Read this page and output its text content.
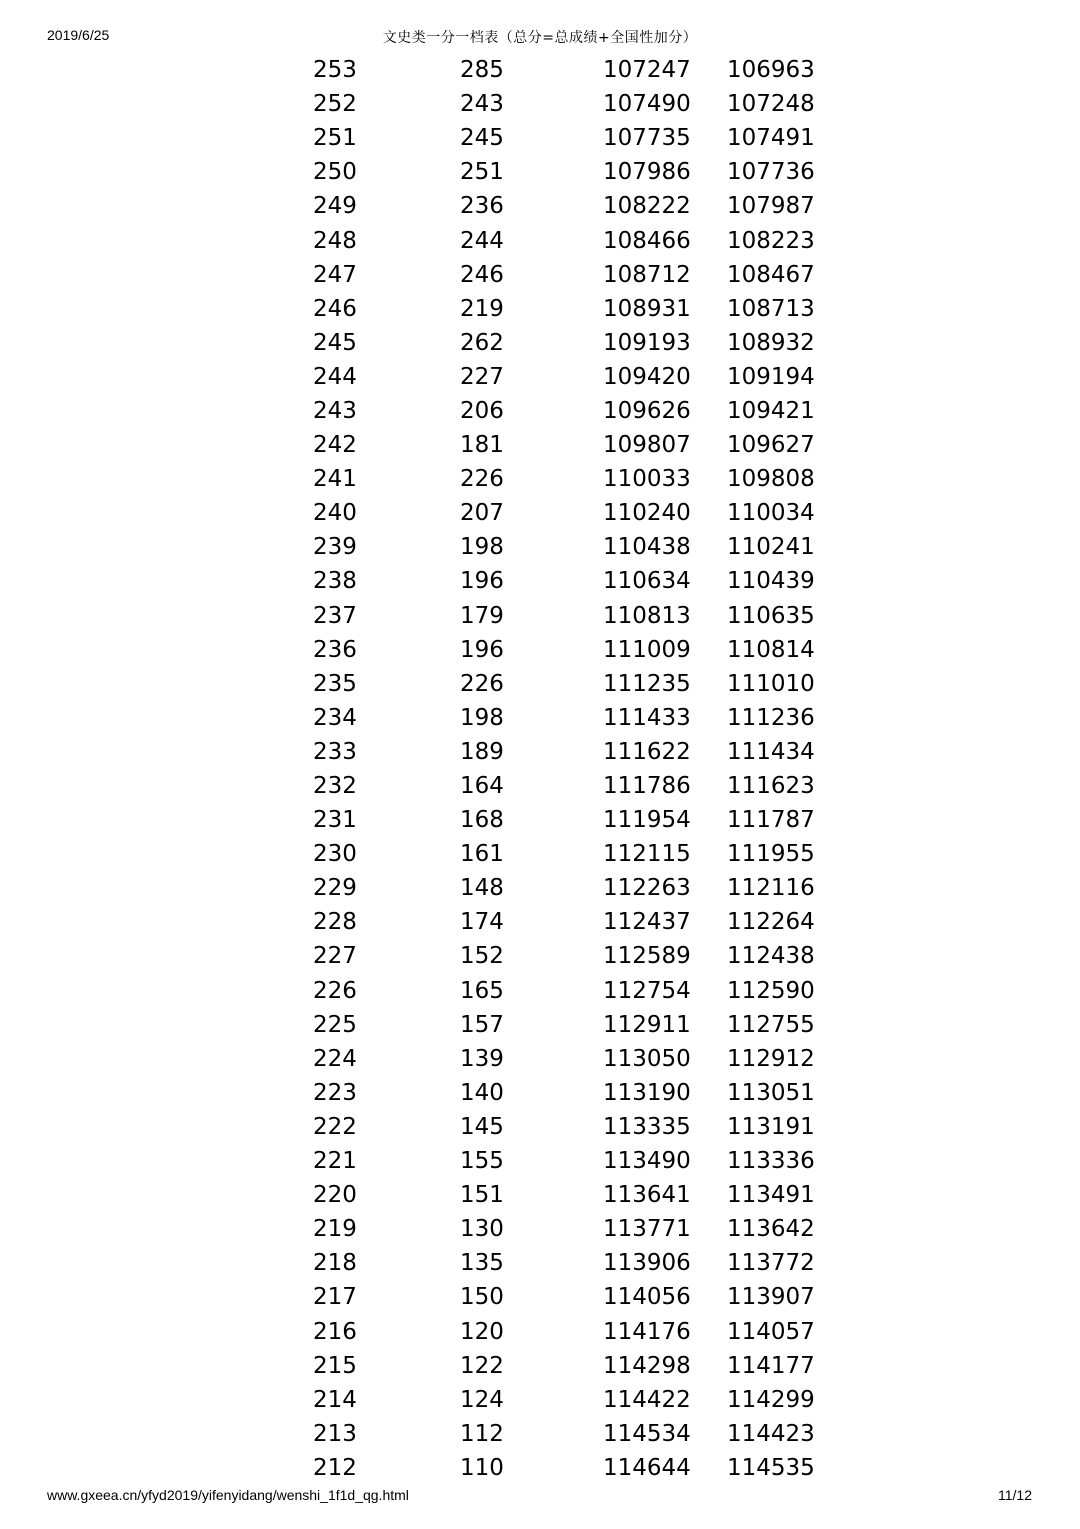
2019/6/25	文史类一分一档表（总分=总成绩+全国性加分）
253	285	107247	106963
252	243	107490	107248
251	245	107735	107491
250	251	107986	107736
249	236	108222	107987
248	244	108466	108223
247	246	108712	108467
246	219	108931	108713
245	262	109193	108932
244	227	109420	109194
243	206	109626	109421
242	181	109807	109627
241	226	110033	109808
240	207	110240	110034
239	198	110438	110241
238	196	110634	110439
237	179	110813	110635
236	196	111009	110814
235	226	111235	111010
234	198	111433	111236
233	189	111622	111434
232	164	111786	111623
231	168	111954	111787
230	161	112115	111955
229	148	112263	112116
228	174	112437	112264
227	152	112589	112438
226	165	112754	112590
225	157	112911	112755
224	139	113050	112912
223	140	113190	113051
222	145	113335	113191
221	155	113490	113336
220	151	113641	113491
219	130	113771	113642
218	135	113906	113772
217	150	114056	113907
216	120	114176	114057
215	122	114298	114177
214	124	114422	114299
213	112	114534	114423
212	110	114644	114535
www.gxeea.cn/yfyd2019/yifenyidang/wenshi_1f1d_qg.html	11/12
